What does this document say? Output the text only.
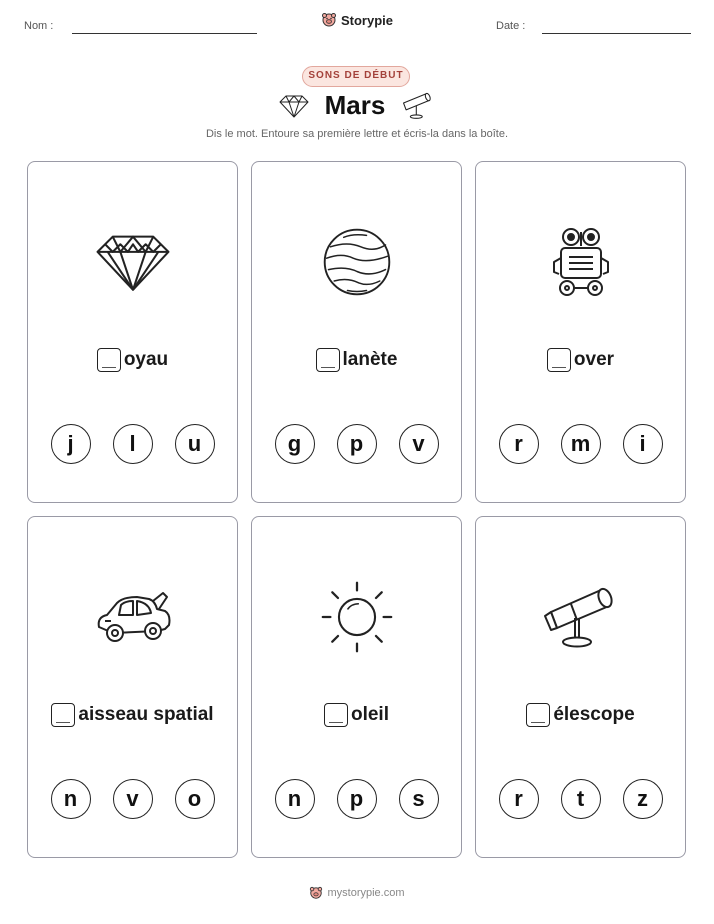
Nom :	Storypie	Date :
SONS DE DÉBUT
Mars
Dis le mot. Entoure sa première lettre et écris-la dans la boîte.
oyau
j	l	u
lanète
g	p	v
over
r	m	i
aisseau spatial
n	v	o
oleil
n	p	s
élescope
r	t	z
mystorypie.com
